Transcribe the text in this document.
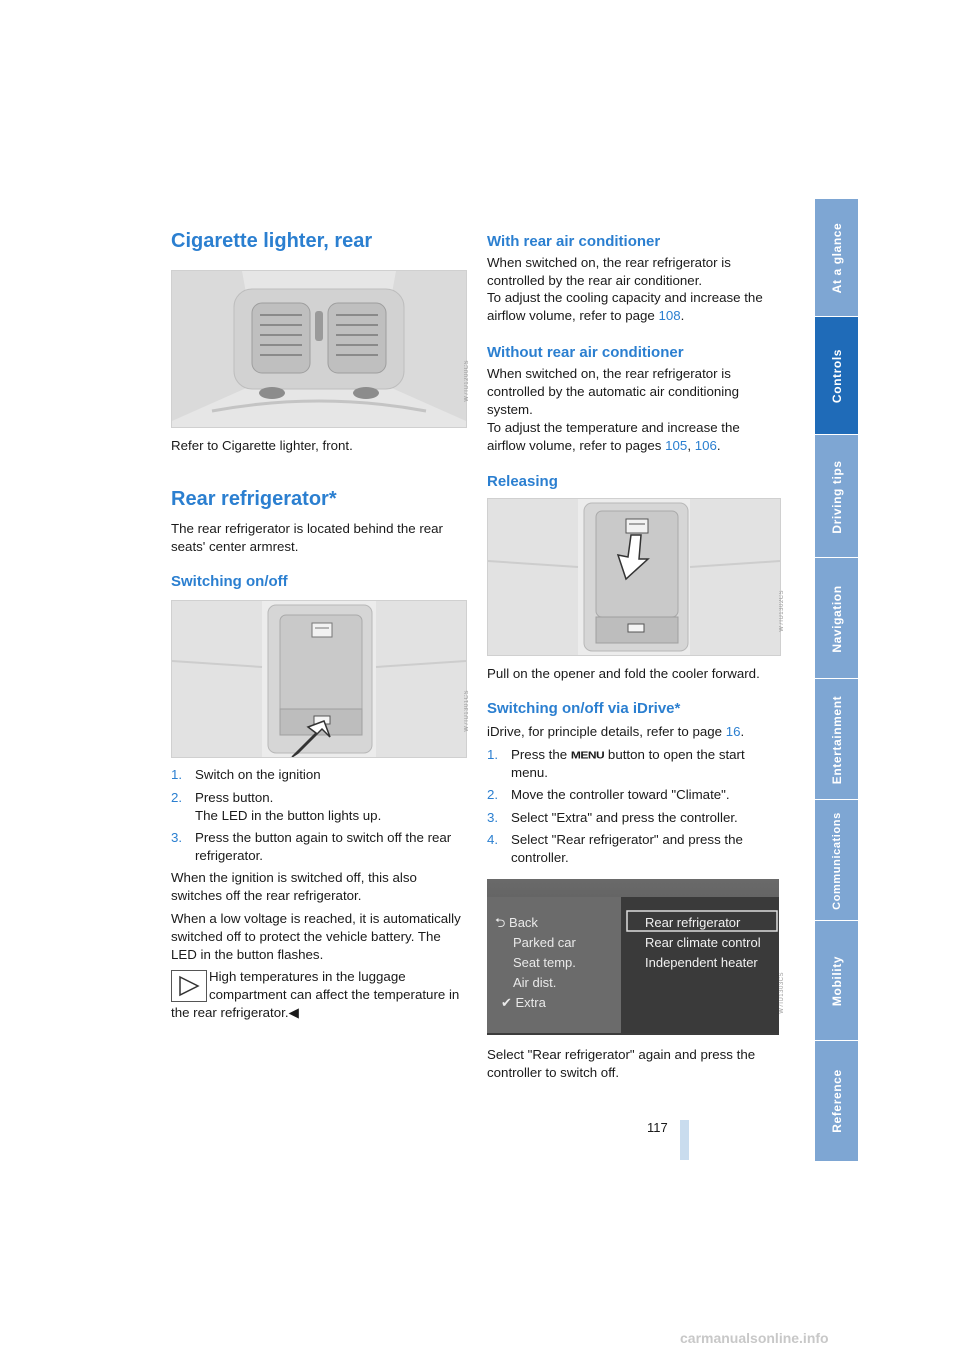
Cigarette lighter, rear
W7IU1200CS

Refer to Cigarette lighter, front.

Rear refrigerator*

The rear refrigerator is located behind the rear seats' center armrest.

Switching on/off
W7IU1301CS
1. Switch on the ignition
2. Press button.
The LED in the button lights up.
3. Press the button again to switch off the rear refrigerator.

When the ignition is switched off, this also switches off the rear refrigerator.

When a low voltage is reached, it is automatically switched off to protect the vehicle battery. The LED in the button flashes.

High temperatures in the luggage compartment can affect the temperature in

the rear refrigerator.◀

With rear air conditioner

When switched on, the rear refrigerator is controlled by the rear air conditioner.

To adjust the cooling capacity and increase the airflow volume, refer to page 108.

Without rear air conditioner

When switched on, the rear refrigerator is controlled by the automatic air conditioning system.

To adjust the temperature and increase the airflow volume, refer to pages 105, 106.

Releasing
W7IU1302CS

Pull on the opener and fold the cooler forward.

Switching on/off via iDrive*

iDrive, for principle details, refer to page 16.

1. Press the MENU button to open the start menu.
2. Move the controller toward "Climate".
3. Select "Extra" and press the controller.
4. Select "Rear refrigerator" and press the controller.
⮌ Back
Parked car
Seat temp.
Air dist.
✔ Extra
Rear refrigerator
Rear climate control
Independent heater
W7IU1303CS

Select "Rear refrigerator" again and press the controller to switch off.

At a glance
Controls
Driving tips
Navigation
Entertainment
Communications
Mobility
Reference
117
carmanualsonline.info
